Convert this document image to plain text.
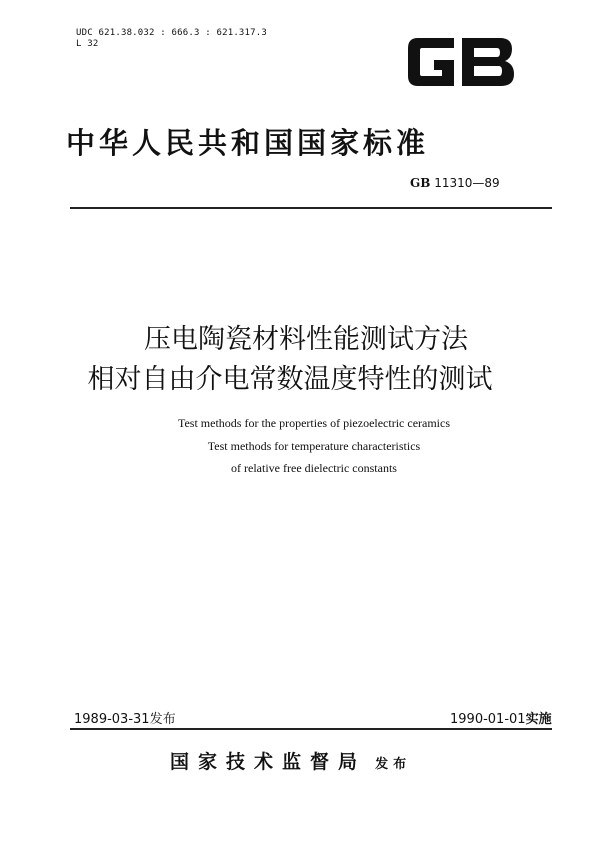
UDC 621.38.032 : 666.3 : 621.317.3
L 32
中华人民共和国国家标准
GB 11310—89
压电陶瓷材料性能测试方法
相对自由介电常数温度特性的测试
Test methods for the properties of piezoelectric ceramics
Test methods for temperature characteristics
of relative free dielectric constants
1989-03-31发布	1990-01-01实施
国家技术监督局 发布
